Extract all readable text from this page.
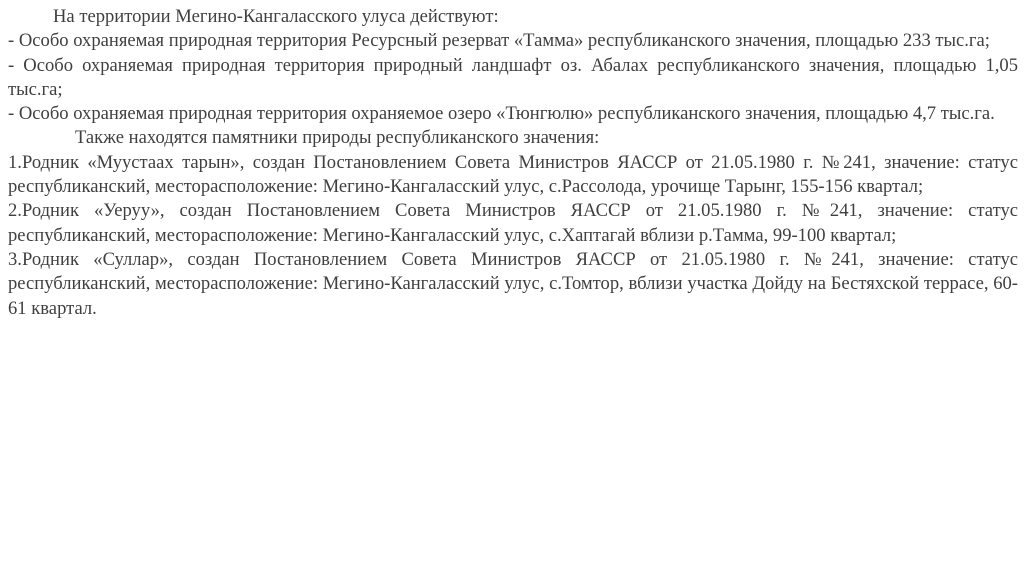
На территории Мегино-Кангаласского улуса действуют:

- Особо охраняемая природная территория Ресурсный резерват «Тамма» республиканского значения, площадью 233 тыс.га;

- Особо охраняемая природная территория природный ландшафт оз. Абалах республиканского значения, площадью 1,05 тыс.га;

- Особо охраняемая природная территория охраняемое озеро «Тюнгюлю» республиканского значения, площадью 4,7 тыс.га.

Также находятся памятники природы республиканского значения:

1.Родник «Муустаах тарын», создан Постановлением Совета Министров ЯАССР от 21.05.1980 г. №241, значение: статус республиканский, месторасположение: Мегино-Кангаласский улус, с.Рассолода, урочище Тарынг, 155-156 квартал;

2.Родник «Уеруу», создан Постановлением Совета Министров ЯАССР от 21.05.1980 г. №241, значение: статус республиканский, месторасположение: Мегино-Кангаласский улус, с.Хаптагай вблизи р.Тамма, 99-100 квартал;

3.Родник «Суллар», создан Постановлением Совета Министров ЯАССР от 21.05.1980 г. №241, значение: статус республиканский, месторасположение: Мегино-Кангаласский улус, с.Томтор, вблизи участка Дойду на Бестяхской террасе, 60-61 квартал.
